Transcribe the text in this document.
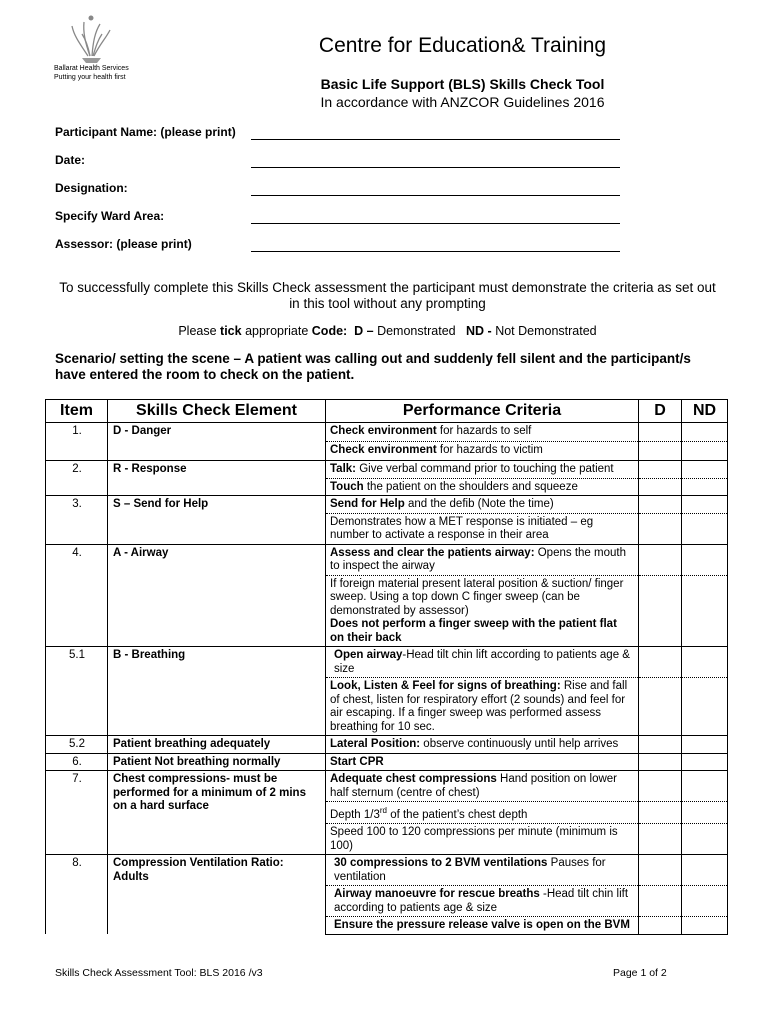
Ballarat Health Services
Putting your health first
Centre for Education& Training
Basic Life Support (BLS) Skills Check Tool
In accordance with ANZCOR Guidelines 2016
Participant Name: (please print)
Date:
Designation:
Specify Ward Area:
Assessor: (please print)
To successfully complete this Skills Check assessment the participant must demonstrate the criteria as set out in this tool without any prompting
Please tick appropriate Code: D – Demonstrated ND - Not Demonstrated
Scenario/ setting the scene – A patient was calling out and suddenly fell silent and the participant/s have entered the room to check on the patient.
Item	Skills Check Element	Performance Criteria	D	ND
1.	D - Danger	Check environment for hazards to self		
		Check environment for hazards to victim		
2.	R - Response	Talk: Give verbal command prior to touching the patient		
		Touch the patient on the shoulders and squeeze		
3.	S – Send for Help	Send for Help and the defib (Note the time)		
		Demonstrates how a MET response is initiated – eg number to activate a response in their area		
4.	A - Airway	Assess and clear the patients airway: Opens the mouth to inspect the airway		
		If foreign material present lateral position & suction/ finger sweep. Using a top down C finger sweep (can be demonstrated by assessor)
Does not perform a finger sweep with the patient flat on their back		
5.1	B - Breathing	Open airway-Head tilt chin lift according to patients age & size		
		Look, Listen & Feel for signs of breathing: Rise and fall of chest, listen for respiratory effort (2 sounds) and feel for air escaping. If a finger sweep was performed assess breathing for 10 sec.		
5.2	Patient breathing adequately	Lateral Position: observe continuously until help arrives		
6.	Patient Not breathing normally	Start CPR		
7.	Chest compressions- must be performed for a minimum of 2 mins on a hard surface	Adequate chest compressions Hand position on lower half sternum (centre of chest)		
		Depth 1/3rd of the patient’s chest depth		
		Speed 100 to 120 compressions per minute (minimum is 100)		
8.	Compression Ventilation Ratio: Adults	30 compressions to 2 BVM ventilations Pauses for ventilation		
		Airway manoeuvre for rescue breaths -Head tilt chin lift according to patients age & size		
		Ensure the pressure release valve is open on the BVM		
Skills Check Assessment Tool: BLS 2016 /v3	Page 1 of 2
